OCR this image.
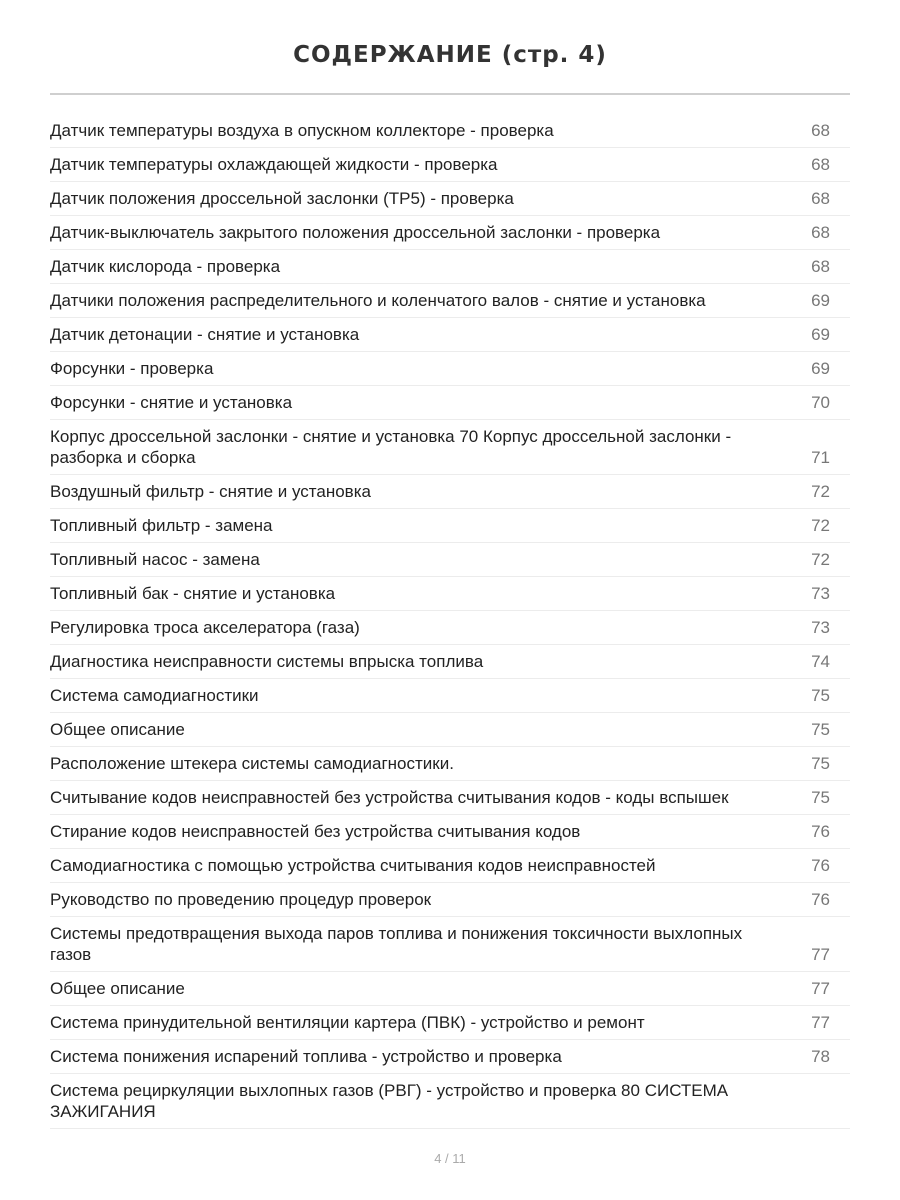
СОДЕРЖАНИЕ (стр. 4)
Датчик температуры воздуха в опускном коллекторе - проверка	68
Датчик температуры охлаждающей жидкости - проверка	68
Датчик положения дроссельной заслонки (ТР5) - проверка	68
Датчик-выключатель закрытого положения дроссельной заслонки - проверка	68
Датчик кислорода - проверка	68
Датчики положения распределительного и коленчатого валов - снятие и установка	69
Датчик детонации - снятие и установка	69
Форсунки - проверка	69
Форсунки - снятие и установка	70
Корпус дроссельной заслонки - снятие и установка 70 Корпус дроссельной заслонки - разборка и сборка	71
Воздушный фильтр - снятие и установка	72
Топливный фильтр - замена	72
Топливный насос - замена	72
Топливный бак - снятие и установка	73
Регулировка троса акселератора (газа)	73
Диагностика неисправности системы впрыска топлива	74
Система самодиагностики	75
Общее описание	75
Расположение штекера системы самодиагностики.	75
Считывание кодов неисправностей без устройства считывания кодов - коды вспышек	75
Стирание кодов неисправностей без устройства считывания кодов	76
Самодиагностика с помощью устройства считывания кодов неисправностей	76
Руководство по проведению процедур проверок	76
Системы предотвращения выхода паров топлива и понижения токсичности выхлопных газов	77
Общее описание	77
Система принудительной вентиляции картера (ПВК) - устройство и ремонт	77
Система понижения испарений топлива - устройство и проверка	78
Система рециркуляции выхлопных газов (РВГ) - устройство и проверка 80 СИСТЕМА ЗАЖИГАНИЯ
4 / 11
